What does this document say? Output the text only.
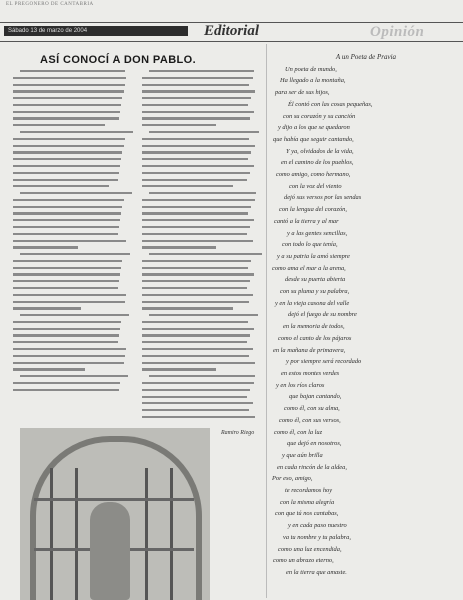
EL PREGONERO DE CANTABRIA
Sábado 13 de marzo de 2004	Editorial	Opinión
ASÍ CONOCÍ A DON PABLO.
Ramiro Riego
A un Poeta de Pravia
Un poeta de mundo,
Ha llegado a la montaña,
para ser de sus hijos,
Él contó con las cosas pequeñas,
con su corazón y su canción
y dijo a los que se quedaron
que había que seguir cantando,
Y ya, olvidados de la vida,
en el camino de los pueblos,
como amigo, como hermano,
con la voz del viento
dejó sus versos por las sendas
con la lengua del corazón,
cantó a la tierra y al mar
y a las gentes sencillas,
con todo lo que tenía,
y a su patria la amó siempre
como ama el mar a la arena,
desde su puerta abierta
con su pluma y su palabra,
y en la vieja casona del valle
dejó el fuego de su nombre
en la memoria de todos,
como el canto de los pájaros
en la mañana de primavera,
y por siempre será recordado
en estos montes verdes
y en los ríos claros
que bajan cantando,
como él, con su alma,
como él, con sus versos,
como él, con la luz
que dejó en nosotros,
y que aún brilla
en cada rincón de la aldea,
Por eso, amigo,
te recordamos hoy
con la misma alegría
con que tú nos cantabas,
y en cada paso nuestro
va tu nombre y tu palabra,
como una luz encendida,
como un abrazo eterno,
en la tierra que amaste.
